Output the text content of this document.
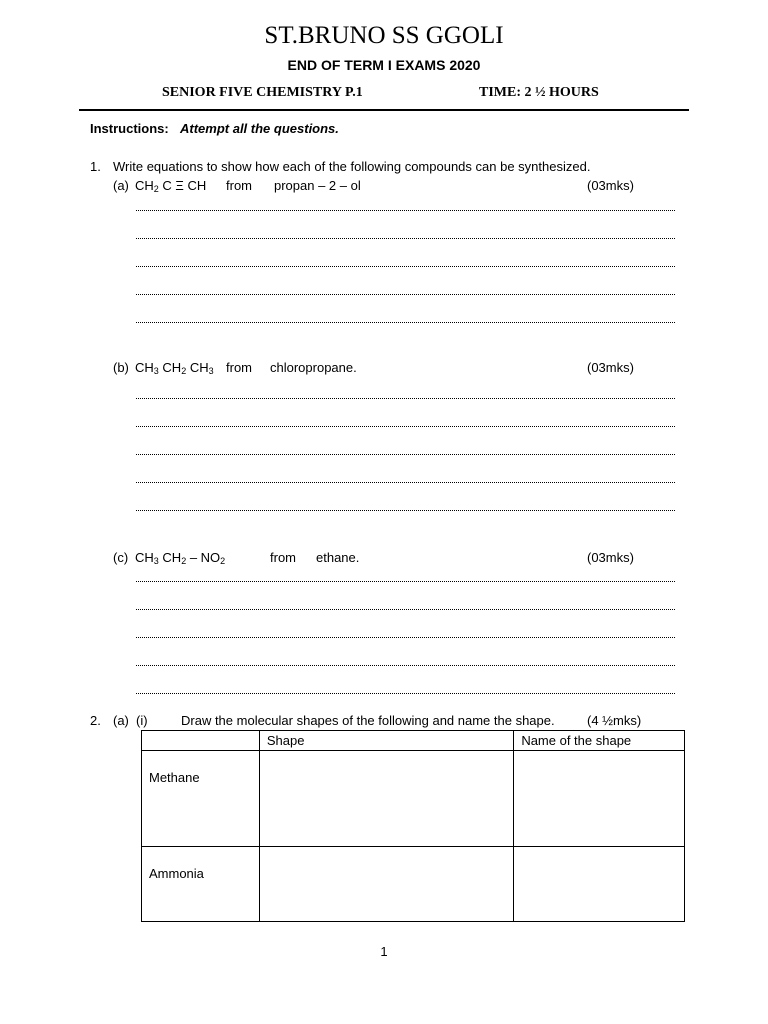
ST.BRUNO SS GGOLI
END OF TERM I EXAMS 2020
SENIOR FIVE CHEMISTRY P.1	TIME: 2 ½ HOURS
Instructions: Attempt all the questions.
1. Write equations to show how each of the following compounds can be synthesized.
(a) $CH_2$ C Ξ CH from propan – 2 – ol	(03mks)
(b) $CH_3$ $CH_2$ $CH_3$ from chloropropane.	(03mks)
(c) $CH_3$ $CH_2 - NO_2$	from ethane.	(03mks)
2. (a) (i)	Draw the molecular shapes of the following and name the shape. (4 ½mks)
	Shape	Name of the shape
Methane		
Ammonia		
1
